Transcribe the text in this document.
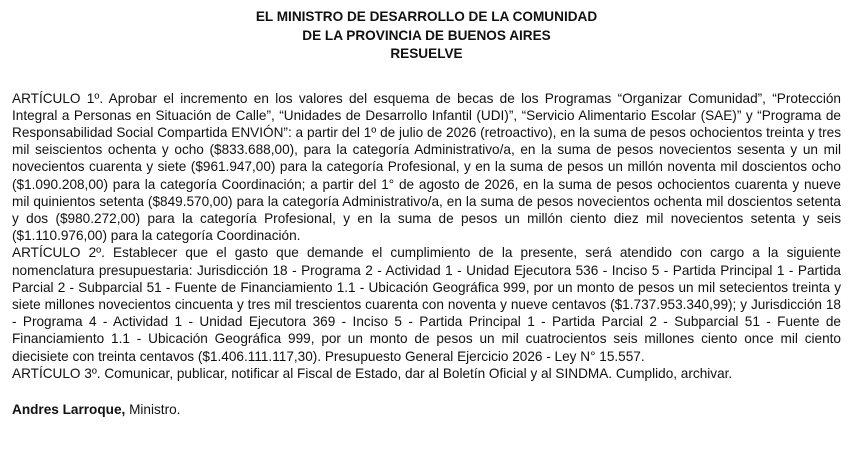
EL MINISTRO DE DESARROLLO DE LA COMUNIDAD

DE LA PROVINCIA DE BUENOS AIRES

RESUELVE

ARTÍCULO 1º. Aprobar el incremento en los valores del esquema de becas de los Programas “Organizar Comunidad”, “Protección Integral a Personas en Situación de Calle”, “Unidades de Desarrollo Infantil (UDI)”, “Servicio Alimentario Escolar (SAE)” y “Programa de Responsabilidad Social Compartida ENVIÓN”: a partir del 1º de julio de 2026 (retroactivo), en la suma de pesos ochocientos treinta y tres mil seiscientos ochenta y ocho ($833.688,00), para la categoría Administrativo/a, en la suma de pesos novecientos sesenta y un mil novecientos cuarenta y siete ($961.947,00) para la categoría Profesional, y en la suma de pesos un millón noventa mil doscientos ocho ($1.090.208,00) para la categoría Coordinación; a partir del 1° de agosto de 2026, en la suma de pesos ochocientos cuarenta y nueve mil quinientos setenta ($849.570,00) para la categoría Administrativo/a, en la suma de pesos novecientos ochenta mil doscientos setenta y dos ($980.272,00) para la categoría Profesional, y en la suma de pesos un millón ciento diez mil novecientos setenta y seis ($1.110.976,00) para la categoría Coordinación.

ARTÍCULO 2º. Establecer que el gasto que demande el cumplimiento de la presente, será atendido con cargo a la siguiente nomenclatura presupuestaria: Jurisdicción 18 - Programa 2 - Actividad 1 - Unidad Ejecutora 536 - Inciso 5 - Partida Principal 1 - Partida Parcial 2 - Subparcial 51 - Fuente de Financiamiento 1.1 - Ubicación Geográfica 999, por un monto de pesos un mil setecientos treinta y siete millones novecientos cincuenta y tres mil trescientos cuarenta con noventa y nueve centavos ($1.737.953.340,99); y Jurisdicción 18 - Programa 4 - Actividad 1 - Unidad Ejecutora 369 - Inciso 5 - Partida Principal 1 - Partida Parcial 2 - Subparcial 51 - Fuente de Financiamiento 1.1 - Ubicación Geográfica 999, por un monto de pesos un mil cuatrocientos seis millones ciento once mil ciento diecisiete con treinta centavos ($1.406.111.117,30). Presupuesto General Ejercicio 2026 - Ley N° 15.557.

ARTÍCULO 3º. Comunicar, publicar, notificar al Fiscal de Estado, dar al Boletín Oficial y al SINDMA. Cumplido, archivar.

Andres Larroque, Ministro.
